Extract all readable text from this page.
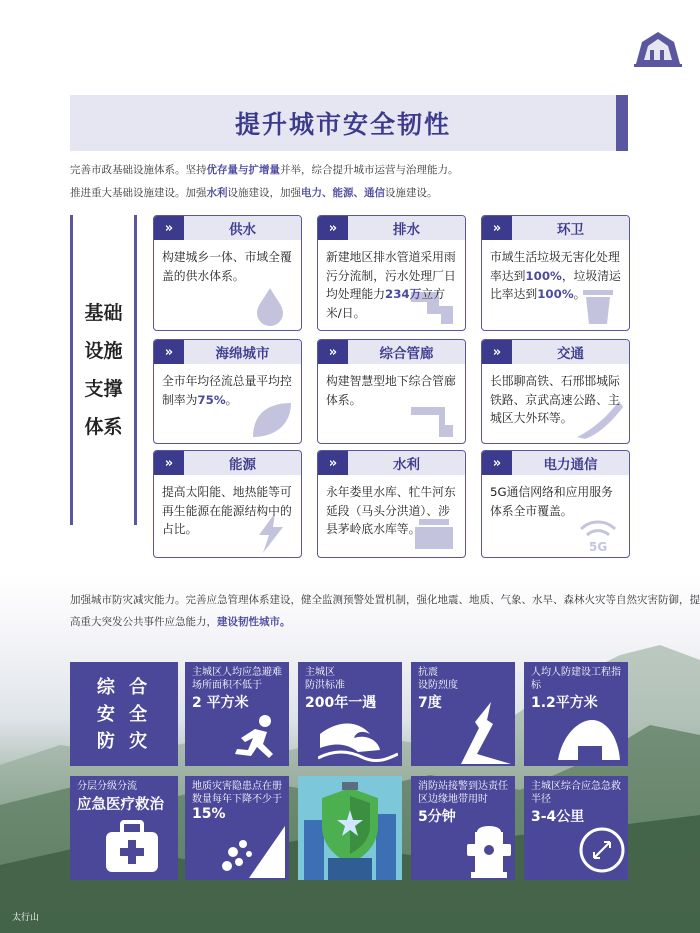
提升城市安全韧性
完善市政基础设施体系。坚持优存量与扩增量并举，综合提升城市运营与治理能力。
推进重大基础设施建设。加强水利设施建设，加强电力、能源、通信设施建设。
基础
设施
支撑
体系
»	供水
构建城乡一体、市域全覆盖的供水体系。
»	排水
新建地区排水管道采用雨污分流制，污水处理厂日均处理能力234万立方米/日。
»	环卫
市域生活垃圾无害化处理率达到100%，垃圾清运比率达到100%。
»	海绵城市
全市年均径流总量平均控制率为75%。
»	综合管廊
构建智慧型地下综合管廊体系。
»	交通
长邯聊高铁、石邢邯城际铁路、京武高速公路、主城区大外环等。
»	能源
提高太阳能、地热能等可再生能源在能源结构中的占比。
»	水利
永年娄里水库、牤牛河东延段（马头分洪道）、涉县茅岭底水库等。
»	电力通信
5G通信网络和应用服务体系全市覆盖。
5G
加强城市防灾减灾能力。完善应急管理体系建设，健全监测预警处置机制，强化地震、地质、气象、水旱、森林火灾等自然灾害防御，提
高重大突发公共事件应急能力，建设韧性城市。
综 合
安 全
防 灾
主城区人均应急避难场所面积不低于
2 平方米
主城区
防洪标准
200年一遇
抗震
设防烈度
7度
人均人防建设工程指标
1.2平方米
分层分级分流
应急医疗救治
地质灾害隐患点在册数量每年下降不少于
15%
消防站接警到达责任区边缘地带用时
5分钟
主城区综合应急急救半径
3-4公里
太行山
